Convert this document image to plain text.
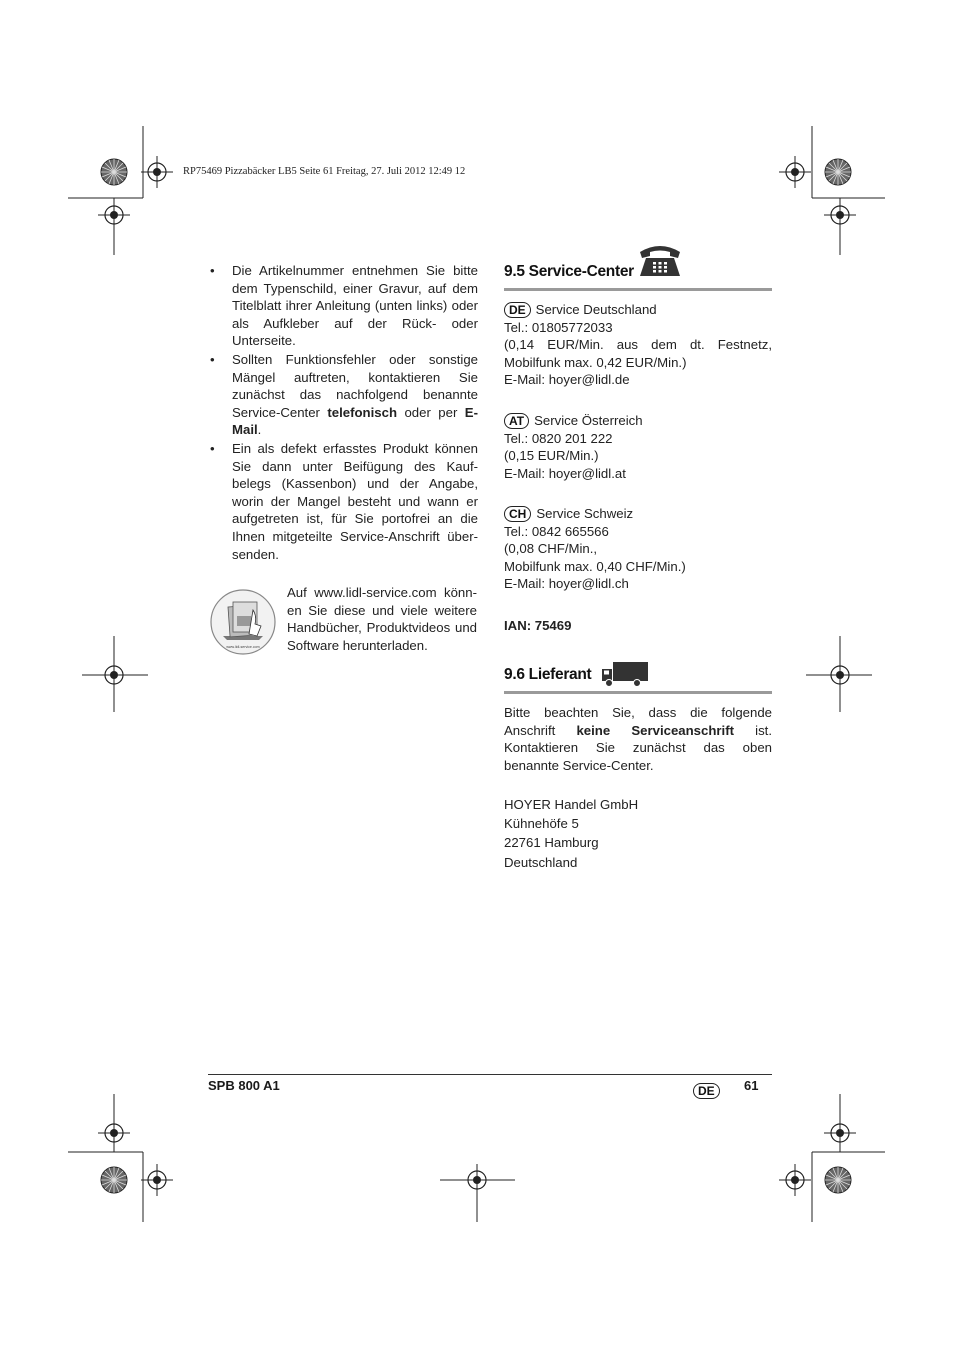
RP75469 Pizzabäcker LB5 Seite 61 Freitag, 27. Juli 2012 12:49 12
• Die Artikelnummer entnehmen Sie bitte dem Typenschild, einer Gravur, auf dem Titelblatt ihrer Anleitung (unten links) oder als Aufkleber auf der Rück- oder Unterseite.
• Sollten Funktionsfehler oder sonstige Mängel auftreten, kontaktieren Sie zunächst das nachfolgend benannte Service-Center telefonisch oder per E-Mail.
• Ein als defekt erfasstes Produkt können Sie dann unter Beifügung des Kauf-belegs (Kassenbon) und der Angabe, worin der Mangel besteht und wann er aufgetreten ist, für Sie portofrei an die Ihnen mitgeteilte Service-Anschrift über-senden.
www.lidl-service.com
Auf www.lidl-service.com könn-en Sie diese und viele weitere Handbücher, Produktvideos und Software herunterladen.
9.5 Service-Center

DE Service Deutschland

Tel.: 01805772033

(0,14 EUR/Min. aus dem dt. Festnetz, Mobilfunk max. 0,42 EUR/Min.)

E-Mail: hoyer@lidl.de

AT Service Österreich

Tel.: 0820 201 222

(0,15 EUR/Min.)

E-Mail: hoyer@lidl.at

CH Service Schweiz

Tel.: 0842 665566

(0,08 CHF/Min.,

Mobilfunk max. 0,40 CHF/Min.)

E-Mail: hoyer@lidl.ch

IAN: 75469
9.6 Lieferant
Bitte beachten Sie, dass die folgende Anschrift keine Serviceanschrift ist. Kontaktieren Sie zunächst das oben benannte Service-Center.
HOYER Handel GmbH
Kühnehöfe 5
22761 Hamburg
Deutschland
SPB 800 A1	DE	61
